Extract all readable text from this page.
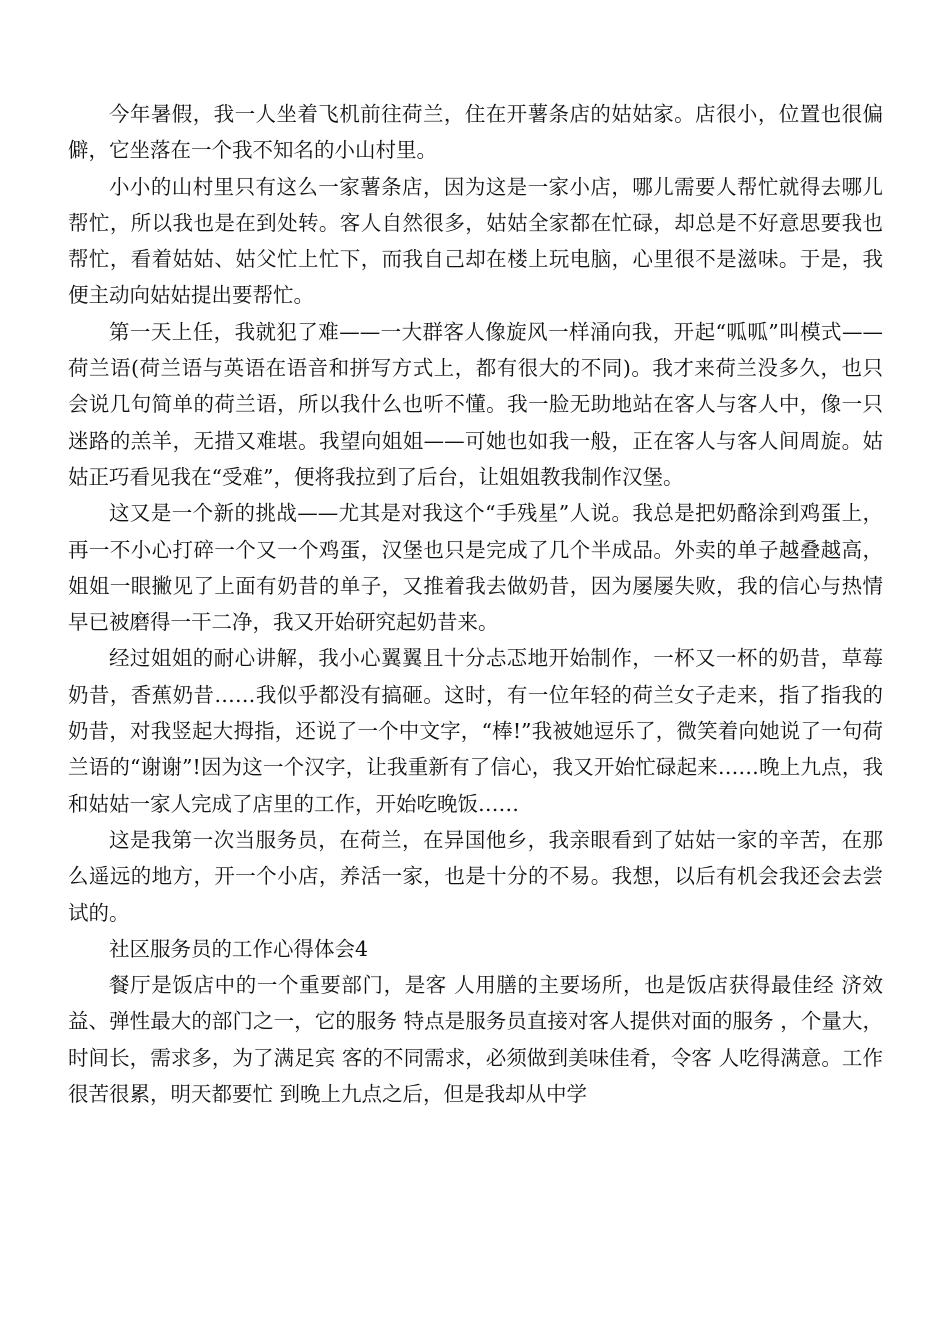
今年暑假，我一人坐着飞机前往荷兰，住在开薯条店的姑姑家。店很小，位置也很偏僻，它坐落在一个我不知名的小山村里。

小小的山村里只有这么一家薯条店，因为这是一家小店，哪儿需要人帮忙就得去哪儿帮忙，所以我也是在到处转。客人自然很多，姑姑全家都在忙碌，却总是不好意思要我也帮忙，看着姑姑、姑父忙上忙下，而我自己却在楼上玩电脑，心里很不是滋味。于是，我便主动向姑姑提出要帮忙。

第一天上任，我就犯了难——一大群客人像旋风一样涌向我，开起“呱呱”叫模式——荷兰语(荷兰语与英语在语音和拼写方式上，都有很大的不同)。我才来荷兰没多久，也只会说几句简单的荷兰语，所以我什么也听不懂。我一脸无助地站在客人与客人中，像一只迷路的羔羊，无措又难堪。我望向姐姐——可她也如我一般，正在客人与客人间周旋。姑姑正巧看见我在“受难”，便将我拉到了后台，让姐姐教我制作汉堡。

这又是一个新的挑战——尤其是对我这个“手残星”人说。我总是把奶酪涂到鸡蛋上，再一不小心打碎一个又一个鸡蛋，汉堡也只是完成了几个半成品。外卖的单子越叠越高，姐姐一眼撇见了上面有奶昔的单子，又推着我去做奶昔，因为屡屡失败，我的信心与热情早已被磨得一干二净，我又开始研究起奶昔来。

经过姐姐的耐心讲解，我小心翼翼且十分忐忑地开始制作，一杯又一杯的奶昔，草莓奶昔，香蕉奶昔……我似乎都没有搞砸。这时，有一位年轻的荷兰女子走来，指了指我的奶昔，对我竖起大拇指，还说了一个中文字，“棒!”我被她逗乐了，微笑着向她说了一句荷兰语的“谢谢”!因为这一个汉字，让我重新有了信心，我又开始忙碌起来……晚上九点，我和姑姑一家人完成了店里的工作，开始吃晚饭……

这是我第一次当服务员，在荷兰，在异国他乡，我亲眼看到了姑姑一家的辛苦，在那么遥远的地方，开一个小店，养活一家，也是十分的不易。我想，以后有机会我还会去尝试的。

社区服务员的工作心得体会4

餐厅是饭店中的一个重要部门，是客 人用膳的主要场所，也是饭店获得最佳经 济效益、弹性最大的部门之一，它的服务 特点是服务员直接对客人提供对面的服务 ，个量大，时间长，需求多，为了满足宾 客的不同需求，必须做到美味佳肴，令客 人吃得满意。工作很苦很累，明天都要忙 到晚上九点之后，但是我却从中学
